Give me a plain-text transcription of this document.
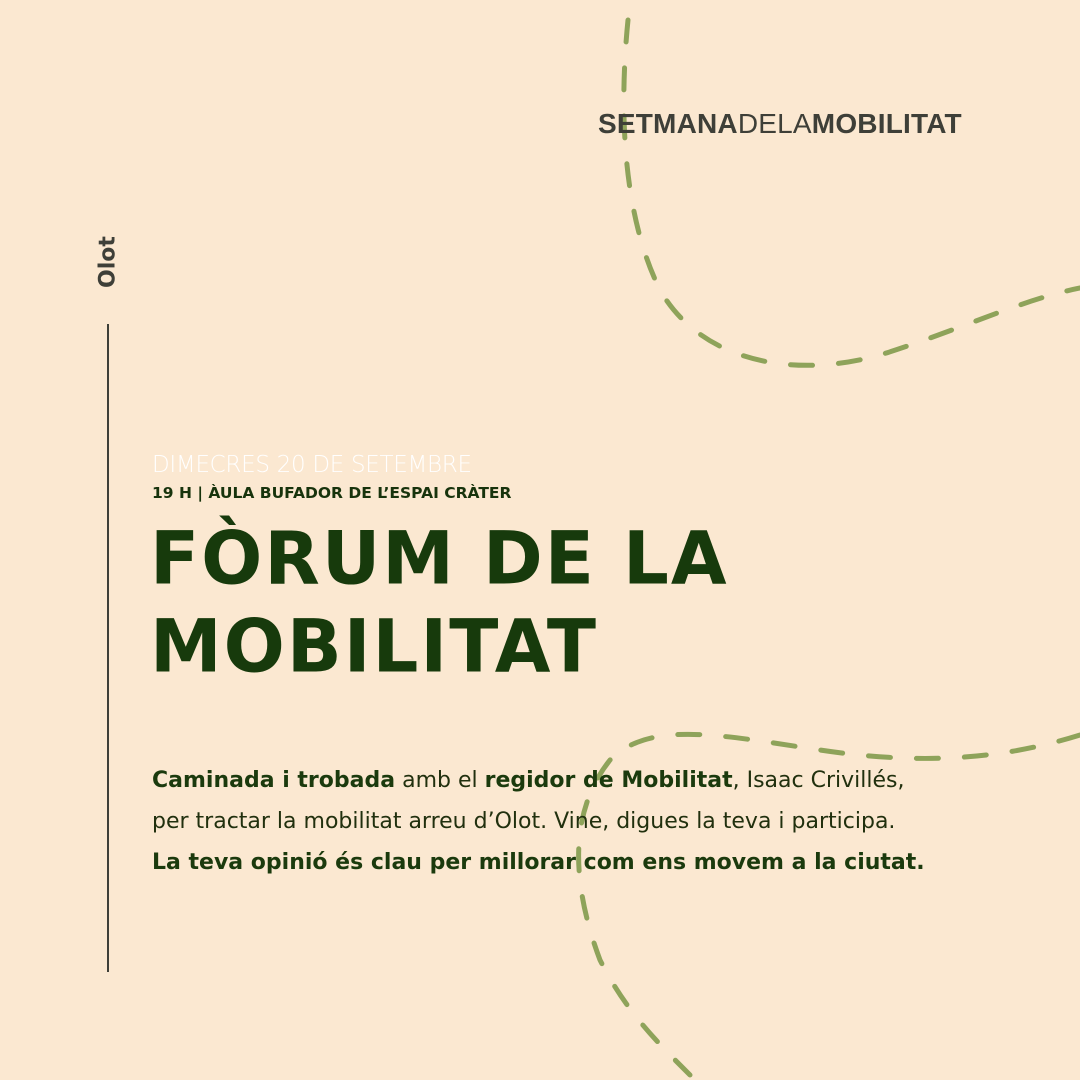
SETMANADELAMOBILITAT
Olot
DIMECRES 20 DE SETEMBRE
19 H | ÀULA BUFADOR DE L’ESPAI CRÀTER
FÒRUM DE LA
MOBILITAT
Caminada i trobada amb el regidor de Mobilitat, Isaac Crivillés,
per tractar la mobilitat arreu d’Olot. Vine, digues la teva i participa.
La teva opinió és clau per millorar com ens movem a la ciutat.
